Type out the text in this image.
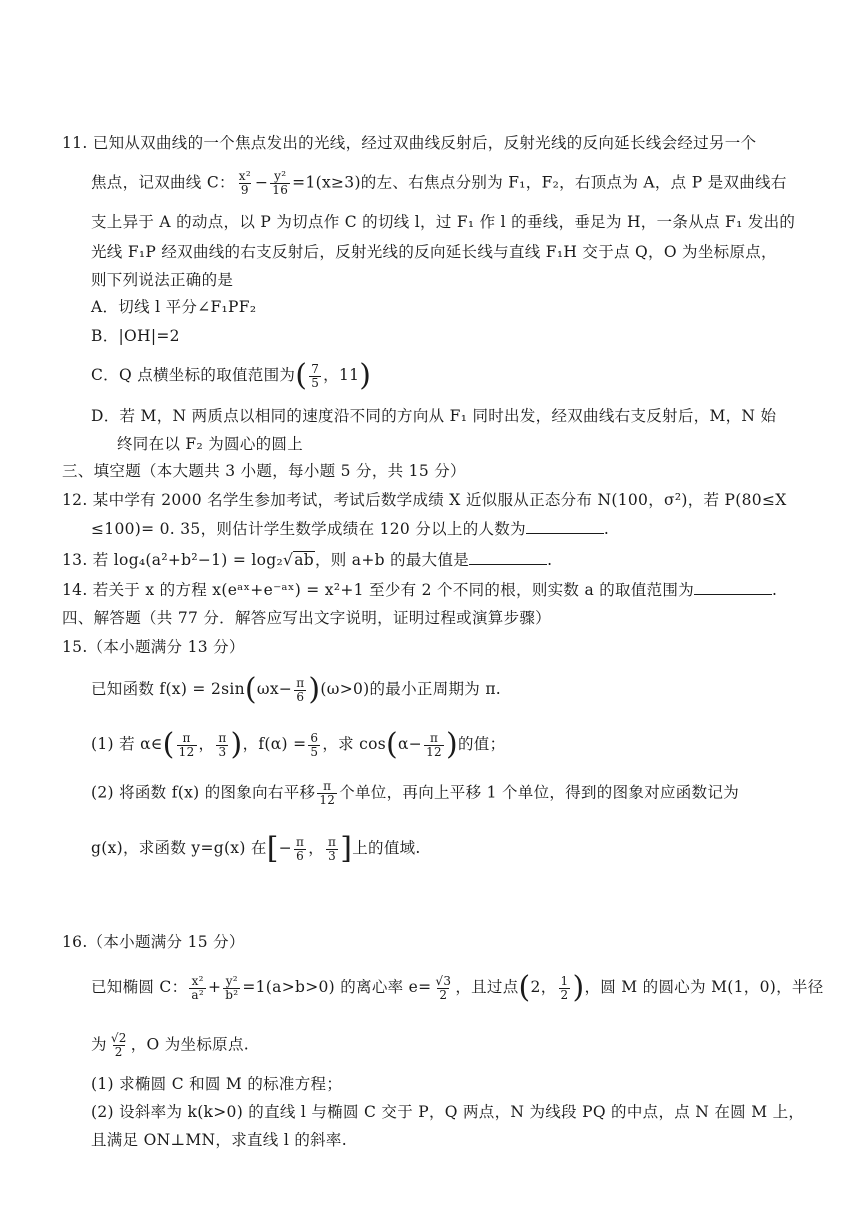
11. 已知从双曲线的一个焦点发出的光线，经过双曲线反射后，反射光线的反向延长线会经过另一个
焦点，记双曲线 C： $\frac{\text{x²}}{9} - \frac{\text{y²}}{16} =1(x\ge 3)$的左、右焦点分别为 F₁，F₂，右顶点为 A，点 P 是双曲线右
支上异于 A 的动点，以 P 为切点作 C 的切线 l，过 F₁ 作 l 的垂线，垂足为 H，一条从点 F₁ 发出的
光线 F₁P 经双曲线的右支反射后，反射光线的反向延长线与直线 F₁H 交于点 Q，O 为坐标原点，
则下列说法正确的是
A．切线 l 平分∠F₁PF₂
B．|OH|=2
C．Q 点横坐标的取值范围为( $\frac{7}{5}$ ，11)
D．若 M，N 两质点以相同的速度沿不同的方向从 F₁ 同时出发，经双曲线右支反射后，M，N 始
终同在以 F₂ 为圆心的圆上
三、填空题（本大题共 3 小题，每小题 5 分，共 15 分）
12. 某中学有 2000 名学生参加考试，考试后数学成绩 X 近似服从正态分布 N(100，σ²)，若 P(80≤X
≤100)= 0. 35，则估计学生数学成绩在 120 分以上的人数为	.
13. 若 log₄(a²+b²−1) = log₂√ab，则 a+b 的最大值是	.
14. 若关于 x 的方程 x(eᵃˣ+e⁻ᵃˣ) = x²+1 至少有 2 个不同的根，则实数 a 的取值范围为	.
四、解答题（共 77 分．解答应写出文字说明，证明过程或演算步骤）
15.（本小题满分 13 分）
已知函数 $f(x) = 2\sin(\omega x- \frac{\pi}{6} )(\omega>0)$的最小正周期为 π.
(1) 若 α∈( $\frac{\pi}{12}$ ， $\frac{\pi}{3}$ )，$f(\alpha) = \frac{6}{5}$ ，求 $\cos(\alpha- \frac{\pi}{12}$ )的值；
(2) 将函数 f(x) 的图象向右平移 $\frac{\pi}{12}$ 个单位，再向上平移 1 个单位，得到的图象对应函数记为
g(x)，求函数 y=g(x) 在[− $\frac{\pi}{6}$ ， $\frac{\pi}{3}$ ]上的值域.
16.（本小题满分 15 分）
已知椭圆 C： $\frac{\text{x²}}{\text{a²}} + \frac{\text{y²}}{\text{b²}} =1(a>b>0)$ 的离心率 $e= \frac{√3}{2}$ ，且过点(2， $\frac{1}{2}$ )，圆 M 的圆心为 M(1，0)，半径
为 $\frac{√2}{2}$ ，O 为坐标原点.
(1) 求椭圆 C 和圆 M 的标准方程；
(2) 设斜率为 k(k>0) 的直线 l 与椭圆 C 交于 P，Q 两点，N 为线段 PQ 的中点，点 N 在圆 M 上，
且满足 ON⊥MN，求直线 l 的斜率.
